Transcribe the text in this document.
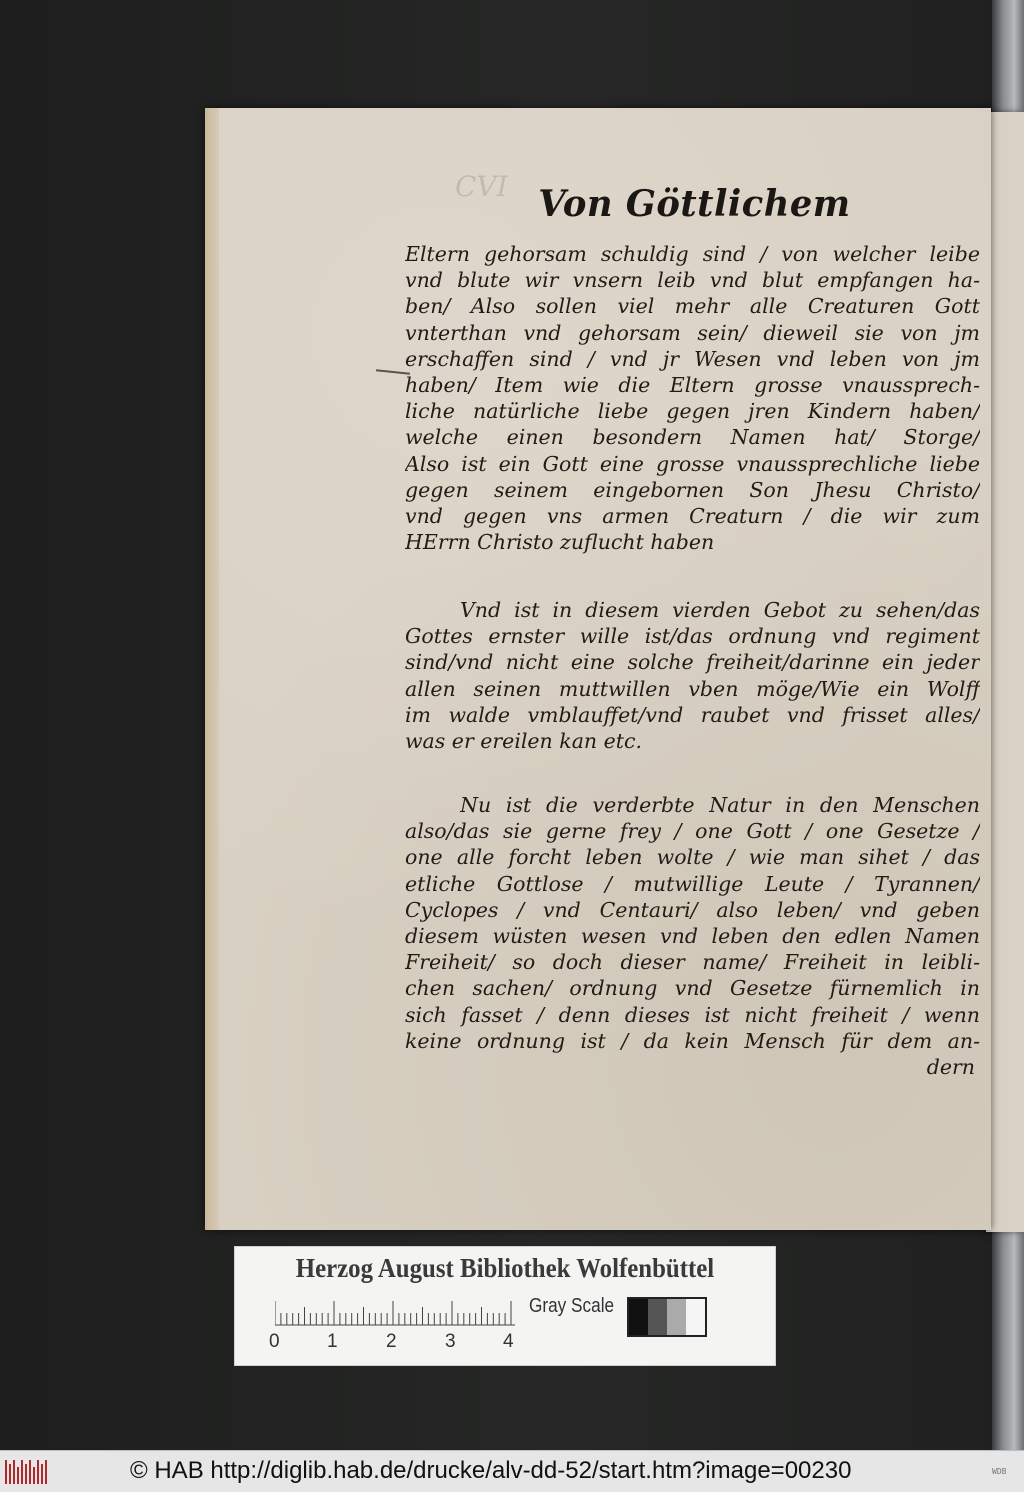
CVI Von Göttlichem
Eltern gehorsam schuldig sind / von welcher leibe
vnd blute wir vnsern leib vnd blut empfangen ha-
ben/ Also sollen viel mehr alle Creaturen Gott
vnterthan vnd gehorsam sein/ dieweil sie von jm
erschaffen sind / vnd jr Wesen vnd leben von jm
haben/ Item wie die Eltern grosse vnaussprech-
liche natürliche liebe gegen jren Kindern haben/
welche einen besondern Namen hat/ Storge/
Also ist ein Gott eine grosse vnaussprechliche liebe
gegen seinem eingebornen Son Jhesu Christo/
vnd gegen vns armen Creaturn / die wir zum
HErrn Christo zuflucht haben
Vnd ist in diesem vierden Gebot zu sehen/das
Gottes ernster wille ist/das ordnung vnd regiment
sind/vnd nicht eine solche freiheit/darinne ein jeder
allen seinen muttwillen vben möge/Wie ein Wolff
im walde vmblauffet/vnd raubet vnd frisset alles/
was er ereilen kan etc.
Nu ist die verderbte Natur in den Menschen
also/das sie gerne frey / one Gott / one Gesetze /
one alle forcht leben wolte / wie man sihet / das
etliche Gottlose / mutwillige Leute / Tyrannen/
Cyclopes / vnd Centauri/ also leben/ vnd geben
diesem wüsten wesen vnd leben den edlen Namen
Freiheit/ so doch dieser name/ Freiheit in leibli-
chen sachen/ ordnung vnd Gesetze fürnemlich in
sich fasset / denn dieses ist nicht freiheit / wenn
keine ordnung ist / da kein Mensch für dem an-
dern
Herzog August Bibliothek Wolfenbüttel
0 1	2	3 4
Gray Scale
© HAB http://diglib.hab.de/drucke/alv-dd-52/start.htm?image=00230	WDB
